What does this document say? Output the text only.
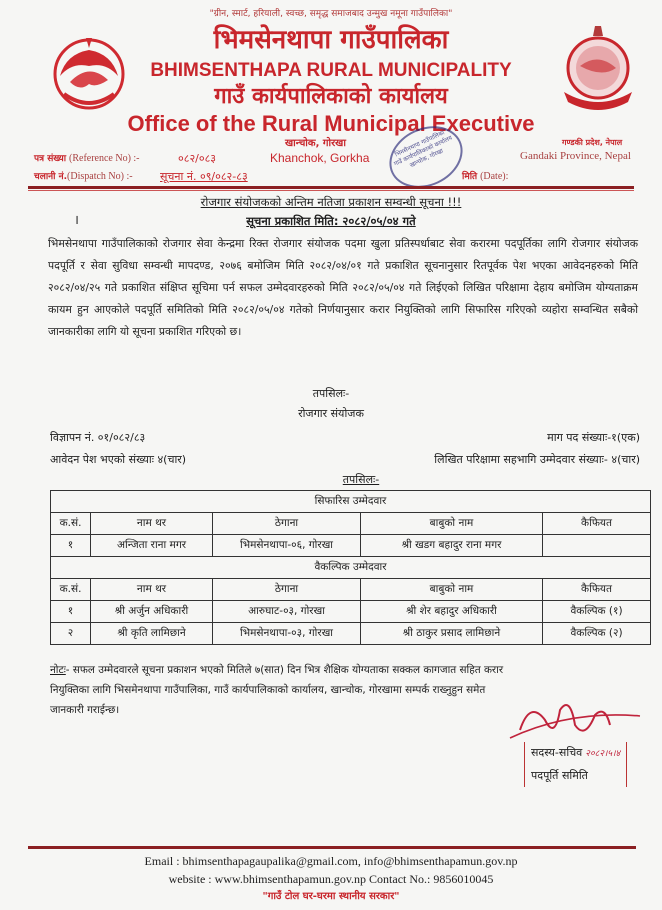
"ग्रीन, स्मार्ट, हरियाली, स्वच्छ, समृद्ध समाजबाद उन्मुख नमूना गाउँपालिका"
भिमसेनथापा गाउँपालिका
BHIMSENTHAPA RURAL MUNICIPALITY
गाउँ कार्यपालिकाको कार्यालय
Office of the Rural Municipal Executive
खान्चोक, गोरखा
Khanchok, Gorkha
गण्डकी प्रदेश, नेपाल
Gandaki Province, Nepal
पत्र संख्या (Reference No) :-	०८२/०८३
चलानी नं.(Dispatch No) :- सूचना नं. ०९/०८२-८३	मिति (Date):
भिमसेनथापा गाउँपालिका गाउँ कार्यपालिकाको कार्यालय खान्चोक, गोरखा
रोजगार संयोजकको अन्तिम नतिजा प्रकाशन सम्वन्धी सूचना !!!
।	सूचना प्रकाशित मिति: २०८२/०५/०४ गते
भिमसेनथापा गाउँपालिकाको रोजगार सेवा केन्द्रमा रिक्त रोजगार संयोजक पदमा खुला प्रतिस्पर्धाबाट सेवा करारमा पदपूर्तिका लागि रोजगार संयोजक पदपूर्ति र सेवा सुविधा सम्वन्धी मापदण्ड, २०७६ बमोजिम मिति २०८२/०४/०१ गते प्रकाशित सूचनानुसार रितपूर्वक पेश भएका आवेदनहरुको मिति २०८२/०४/२५ गते प्रकाशित संक्षिप्त सूचिमा पर्न सफल उम्मेदवारहरुको मिति २०८२/०५/०४ गते लिईएको लिखित परिक्षामा देहाय बमोजिम योग्यताक्रम कायम हुन आएकोले पदपूर्ति समितिको मिति २०८२/०५/०४ गतेको निर्णयानुसार करार नियुक्तिको लागि सिफारिस गरिएको व्यहोरा सम्वन्धित सबैको जानकारीका लागि यो सूचना प्रकाशित गरिएको छ।
तपसिलः-
रोजगार संयोजक
विज्ञापन नं. ०१/०८२/८३	माग पद संख्याः-१(एक)
आवेदन पेश भएको संख्याः ४(चार)	लिखित परिक्षामा सहभागि उम्मेदवार संख्याः- ४(चार)
तपसिलः-
सिफारिस उम्मेदवार				
क.सं.	नाम थर	ठेगाना	बाबुको नाम	कैफियत
१	अन्जिता राना मगर	भिमसेनथापा-०६, गोरखा	श्री खडग बहादुर राना मगर	
वैकल्पिक उम्मेदवार				
क.सं.	नाम थर	ठेगाना	बाबुको नाम	कैफियत
१	श्री अर्जुन अधिकारी	आरुघाट-०३, गोरखा	श्री शेर बहादुर अधिकारी	वैकल्पिक (१)
२	श्री कृति लामिछाने	भिमसेनथापा-०३, गोरखा	श्री ठाकुर प्रसाद लामिछाने	वैकल्पिक (२)
नोटः- सफल उम्मेदवारले सूचना प्रकाशन भएको मितिले ७(सात) दिन भित्र शैक्षिक योग्यताका सक्कल कागजात सहित करार नियुक्तिका लागि भिसमेनथापा गाउँपालिका, गाउँ कार्यपालिकाको कार्यालय, खान्चोक, गोरखामा सम्पर्क राख्नुहुन समेत जानकारी गराईन्छ।
सदस्य-सचिव २०८२।५।४
पदपूर्ति समिति
Email : bhimsenthapagaupalika@gmail.com, info@bhimsenthapamun.gov.np
website : www.bhimsenthapamun.gov.np Contact No.: 9856010045
"गाउँ टोल घर-घरमा स्थानीय सरकार"
